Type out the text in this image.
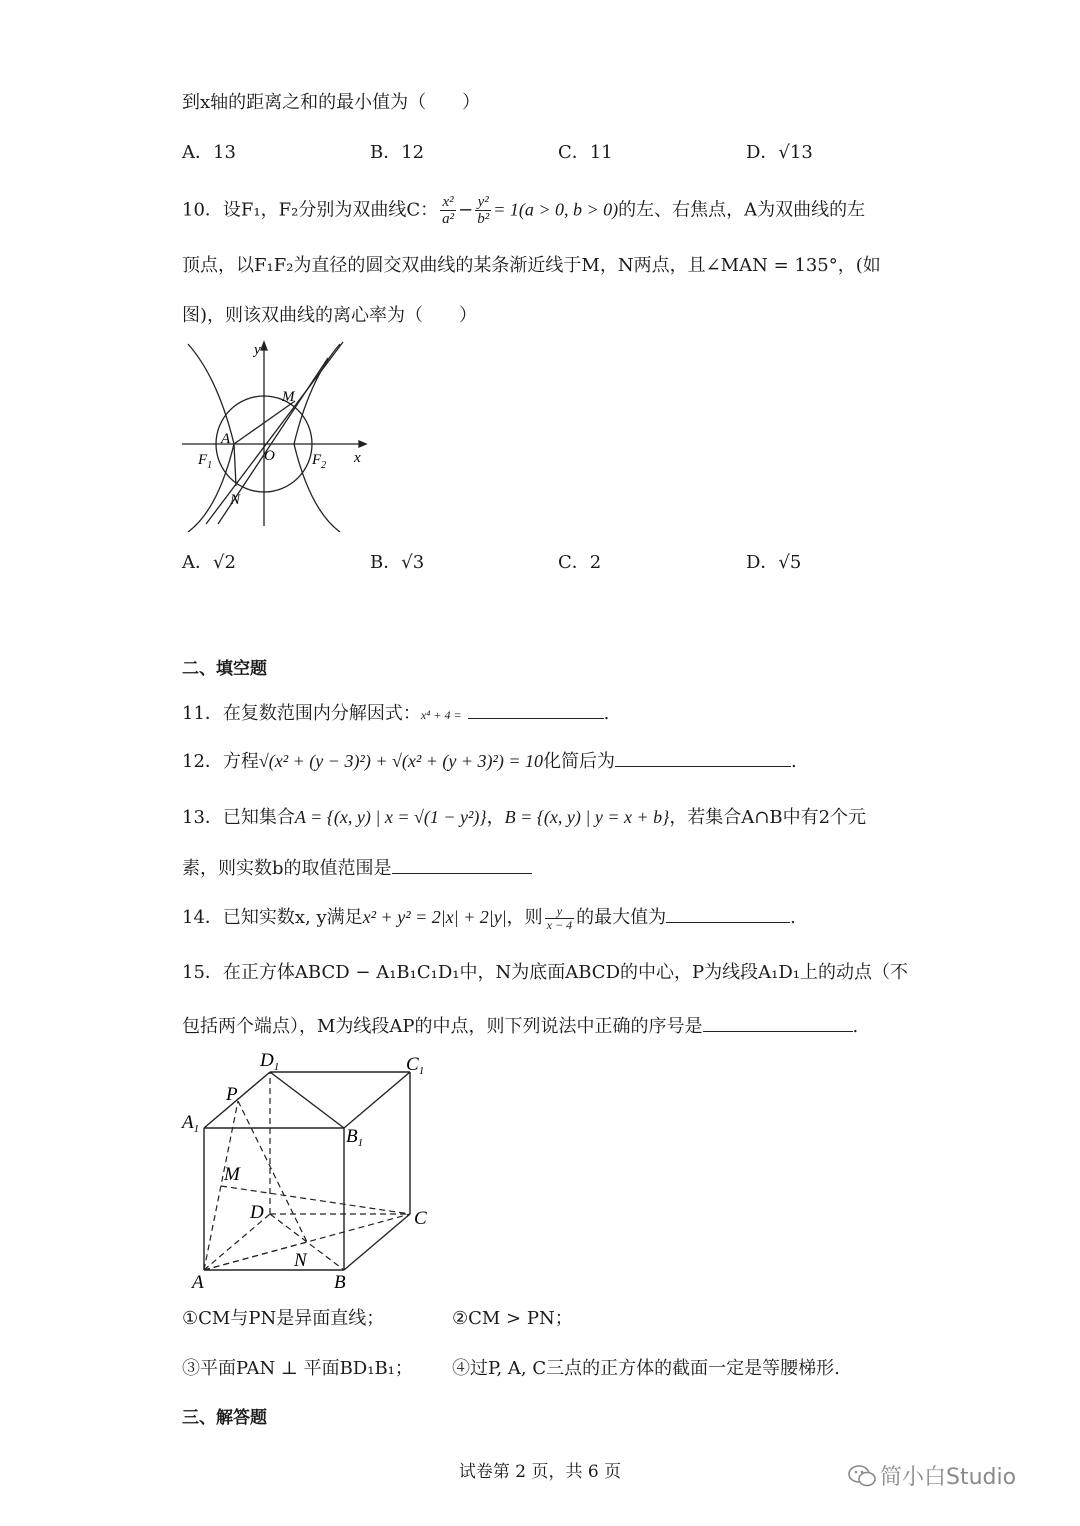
到x轴的距离之和的最小值为（　　）
A．13	B．12	C．11	D．√13
10．设F₁，F₂分别为双曲线C： $\frac{\text{x²}}{\text{a²}} - \frac{\text{y²}}{\text{b²}} = 1(a > 0$, b > 0)的左、右焦点，A为双曲线的左
顶点，以F₁F₂为直径的圆交双曲线的某条渐近线于M，N两点，且∠MAN = 135°，(如
图)，则该双曲线的离心率为（　　）
y
x
M
A
O
$F_1$	$F_2$
N
A．√2	B．√3	C．2	D．√5
二、填空题
11．在复数范围内分解因式：x⁴ + 4 =	.
12．方程√(x² + (y − 3)²) + √(x² + (y + 3)²) = 10化简后为	.
13．已知集合A = {(x, y) | x = √(1 − y²)}，B = {(x, y) | y = x + b}，若集合A∩B中有2个元
素，则实数b的取值范围是
14．已知实数x, y满足x² + y² = 2|x| + 2|y|，则 $\frac{y}{x - 4}$ 的最大值为	.
15．在正方体ABCD − A₁B₁C₁D₁中，N为底面ABCD的中心，P为线段A₁D₁上的动点（不
包括两个端点），M为线段AP的中点，则下列说法中正确的序号是	.
$D_1$	$C_1$
P
$A_1$	$B_1$
M
D	C
N
A	B
①CM与PN是异面直线；	②CM > PN；
③平面PAN ⊥ 平面BD₁B₁； ④过P, A, C三点的正方体的截面一定是等腰梯形.
三、解答题
试卷第 2 页，共 6 页	简小白Studio
